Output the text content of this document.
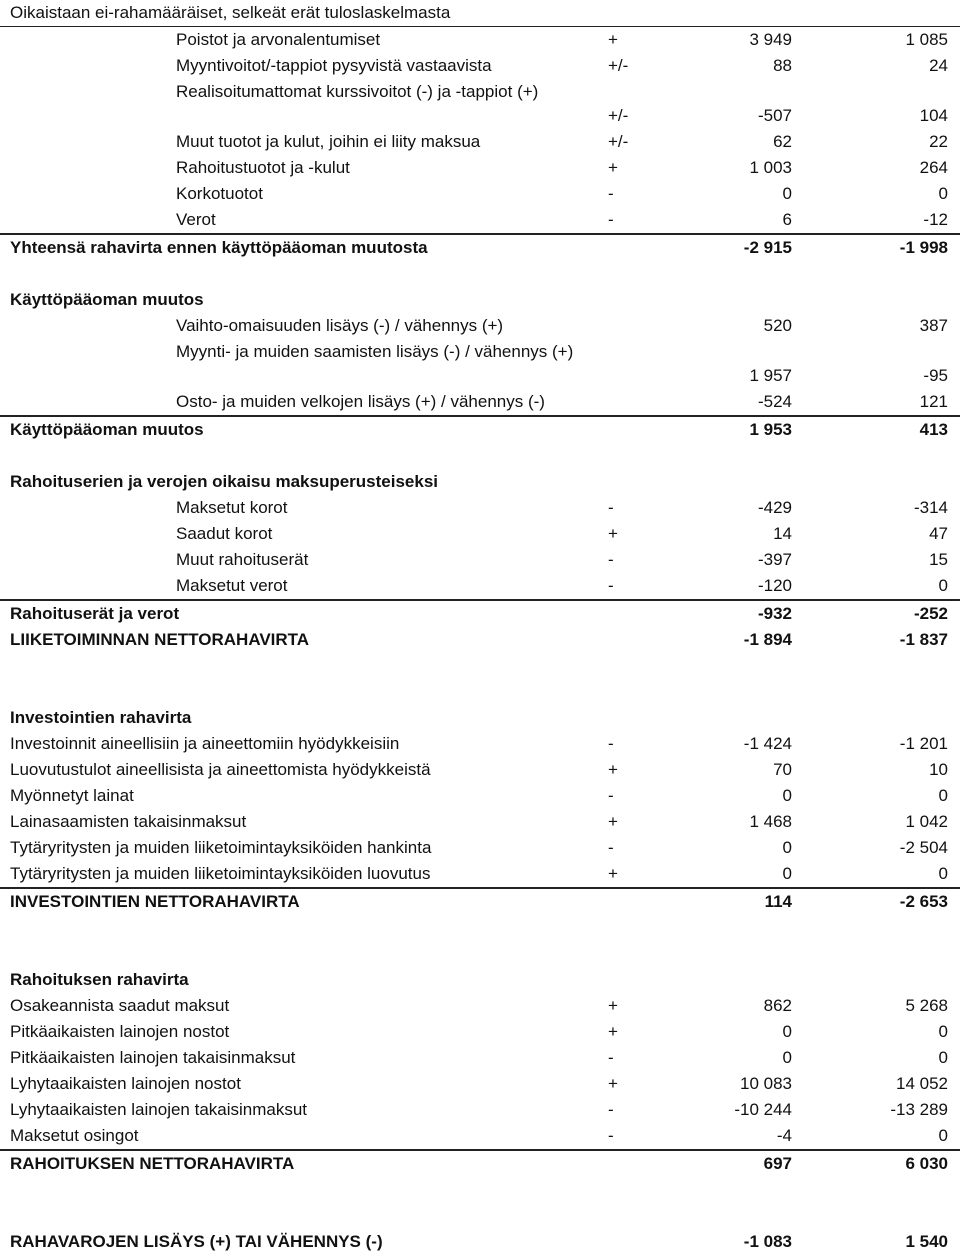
Oikaistaan ei-rahamääräiset, selkeät erät tuloslaskelmasta
Poistot ja arvonalentumiset	+	3 949	1 085
Myyntivoitot/-tappiot pysyvistä vastaavista	+/-	88	24
Realisoitumattomat kurssivoitot (-) ja -tappiot (+)
+/-	-507	104
Muut tuotot ja kulut, joihin ei liity maksua	+/-	62	22
Rahoitustuotot ja -kulut	+	1 003	264
Korkotuotot	-	0	0
Verot	-	6	-12
Yhteensä rahavirta ennen käyttöpääoman muutosta	-2 915	-1 998
Käyttöpääoman muutos
Vaihto-omaisuuden lisäys (-) / vähennys (+)	520	387
Myynti- ja muiden saamisten lisäys (-) / vähennys (+)
1 957	-95
Osto- ja muiden velkojen lisäys (+) / vähennys (-)	-524	121
Käyttöpääoman muutos	1 953	413
Rahoituserien ja verojen oikaisu maksuperusteiseksi
Maksetut korot	-	-429	-314
Saadut korot	+	14	47
Muut rahoituserät	-	-397	15
Maksetut verot	-	-120	0
Rahoituserät ja verot	-932	-252
LIIKETOIMINNAN NETTORAHAVIRTA	-1 894	-1 837
Investointien rahavirta
Investoinnit aineellisiin ja aineettomiin hyödykkeisiin	-	-1 424	-1 201
Luovutustulot aineellisista ja aineettomista hyödykkeistä	+	70	10
Myönnetyt lainat	-	0	0
Lainasaamisten takaisinmaksut	+	1 468	1 042
Tytäryritysten ja muiden liiketoimintayksiköiden hankinta	-	0	-2 504
Tytäryritysten ja muiden liiketoimintayksiköiden luovutus	+	0	0
INVESTOINTIEN NETTORAHAVIRTA	114	-2 653
Rahoituksen rahavirta
Osakeannista saadut maksut	+	862	5 268
Pitkäaikaisten lainojen nostot	+	0	0
Pitkäaikaisten lainojen takaisinmaksut	-	0	0
Lyhytaaikaisten lainojen nostot	+	10 083	14 052
Lyhytaaikaisten lainojen takaisinmaksut	-	-10 244	-13 289
Maksetut osingot	-	-4	0
RAHOITUKSEN NETTORAHAVIRTA	697	6 030
RAHAVAROJEN LISÄYS (+) TAI VÄHENNYS (-)	-1 083	1 540
